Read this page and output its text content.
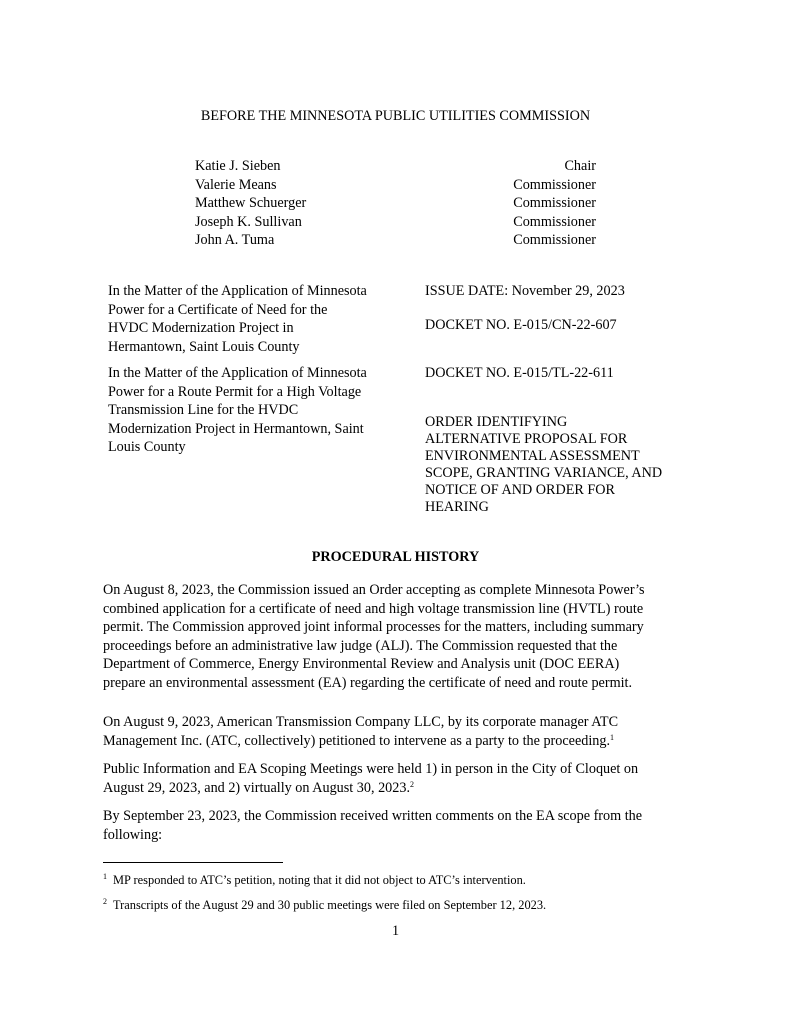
BEFORE THE MINNESOTA PUBLIC UTILITIES COMMISSION
Katie J. Sieben
Valerie Means
Matthew Schuerger
Joseph K. Sullivan
John A. Tuma
Chair
Commissioner
Commissioner
Commissioner
Commissioner
In the Matter of the Application of Minnesota
Power for a Certificate of Need for the
HVDC Modernization Project in
Hermantown, Saint Louis County
In the Matter of the Application of Minnesota
Power for a Route Permit for a High Voltage
Transmission Line for the HVDC
Modernization Project in Hermantown, Saint
Louis County
ISSUE DATE: November 29, 2023
DOCKET NO. E-015/CN-22-607
DOCKET NO. E-015/TL-22-611
ORDER IDENTIFYING
ALTERNATIVE PROPOSAL FOR
ENVIRONMENTAL ASSESSMENT
SCOPE, GRANTING VARIANCE, AND
NOTICE OF AND ORDER FOR
HEARING
PROCEDURAL HISTORY
On August 8, 2023, the Commission issued an Order accepting as complete Minnesota Power’s
combined application for a certificate of need and high voltage transmission line (HVTL) route
permit. The Commission approved joint informal processes for the matters, including summary
proceedings before an administrative law judge (ALJ). The Commission requested that the
Department of Commerce, Energy Environmental Review and Analysis unit (DOC EERA)
prepare an environmental assessment (EA) regarding the certificate of need and route permit.
On August 9, 2023, American Transmission Company LLC, by its corporate manager ATC
Management Inc. (ATC, collectively) petitioned to intervene as a party to the proceeding.$^1$
Public Information and EA Scoping Meetings were held 1) in person in the City of Cloquet on
August 29, 2023, and 2) virtually on August 30, 2023.$^2$
By September 23, 2023, the Commission received written comments on the EA scope from the
following:
$^1$ MP responded to ATC’s petition, noting that it did not object to ATC’s intervention.
$^2$ Transcripts of the August 29 and 30 public meetings were filed on September 12, 2023.
1
